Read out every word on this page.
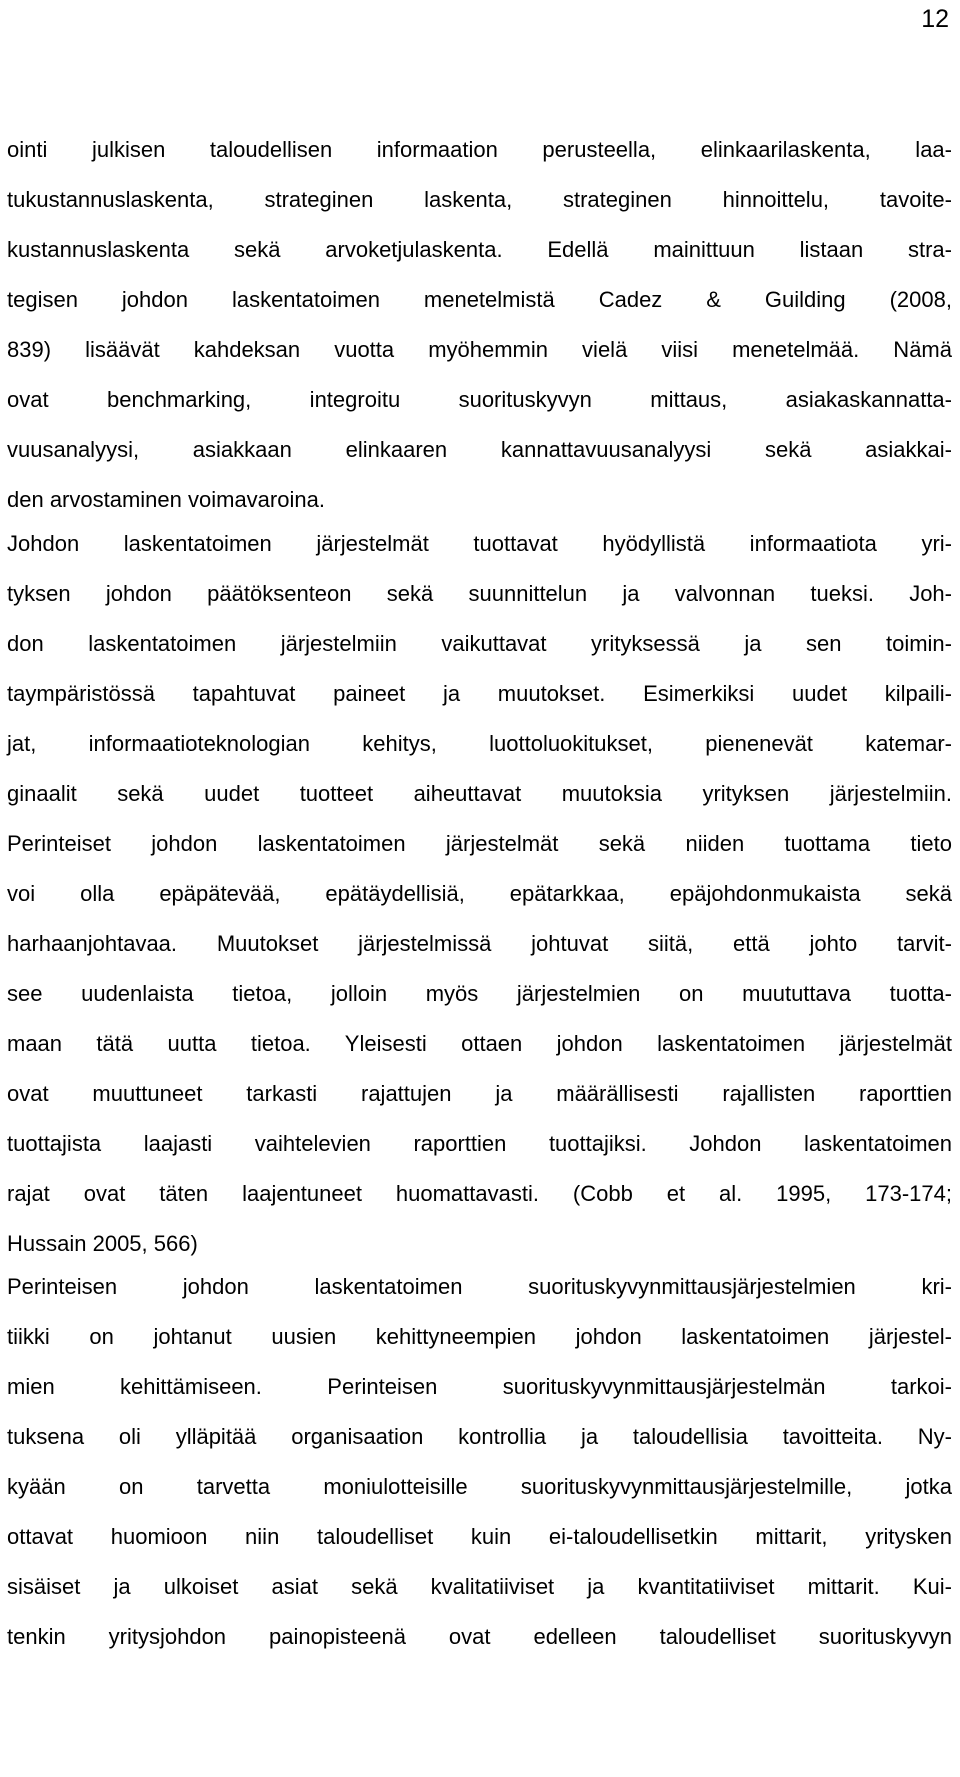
12
ointi julkisen taloudellisen informaation perusteella, elinkaarilaskenta, laa-
tukustannuslaskenta, strateginen laskenta, strateginen hinnoittelu, tavoite-
kustannuslaskenta sekä arvoketjulaskenta. Edellä mainittuun listaan stra-
tegisen johdon laskentatoimen menetelmistä Cadez & Guilding (2008,
839) lisäävät kahdeksan vuotta myöhemmin vielä viisi menetelmää. Nämä
ovat benchmarking, integroitu suorituskyvyn mittaus, asiakaskannatta-
vuusanalyysi, asiakkaan elinkaaren kannattavuusanalyysi sekä asiakkai-
den arvostaminen voimavaroina.
Johdon laskentatoimen järjestelmät tuottavat hyödyllistä informaatiota yri-
tyksen johdon päätöksenteon sekä suunnittelun ja valvonnan tueksi. Joh-
don laskentatoimen järjestelmiin vaikuttavat yrityksessä ja sen toimin-
taympäristössä tapahtuvat paineet ja muutokset. Esimerkiksi uudet kilpaili-
jat, informaatioteknologian kehitys, luottoluokitukset, pienenevät katemar-
ginaalit sekä uudet tuotteet aiheuttavat muutoksia yrityksen järjestelmiin.
Perinteiset johdon laskentatoimen järjestelmät sekä niiden tuottama tieto
voi olla epäpätevää, epätäydellisiä, epätarkkaa, epäjohdonmukaista sekä
harhaanjohtavaa. Muutokset järjestelmissä johtuvat siitä, että johto tarvit-
see uudenlaista tietoa, jolloin myös järjestelmien on muututtava tuotta-
maan tätä uutta tietoa. Yleisesti ottaen johdon laskentatoimen järjestelmät
ovat muuttuneet tarkasti rajattujen ja määrällisesti rajallisten raporttien
tuottajista laajasti vaihtelevien raporttien tuottajiksi. Johdon laskentatoimen
rajat ovat täten laajentuneet huomattavasti. (Cobb et al. 1995, 173-174;
Hussain 2005, 566)
Perinteisen johdon laskentatoimen suorituskyvynmittausjärjestelmien kri-
tiikki on johtanut uusien kehittyneempien johdon laskentatoimen järjestel-
mien kehittämiseen. Perinteisen suorituskyvynmittausjärjestelmän tarkoi-
tuksena oli ylläpitää organisaation kontrollia ja taloudellisia tavoitteita. Ny-
kyään on tarvetta moniulotteisille suorituskyvynmittausjärjestelmille, jotka
ottavat huomioon niin taloudelliset kuin ei-taloudellisetkin mittarit, yritysken
sisäiset ja ulkoiset asiat sekä kvalitatiiviset ja kvantitatiiviset mittarit. Kui-
tenkin yritysjohdon painopisteenä ovat edelleen taloudelliset suorituskyvyn
